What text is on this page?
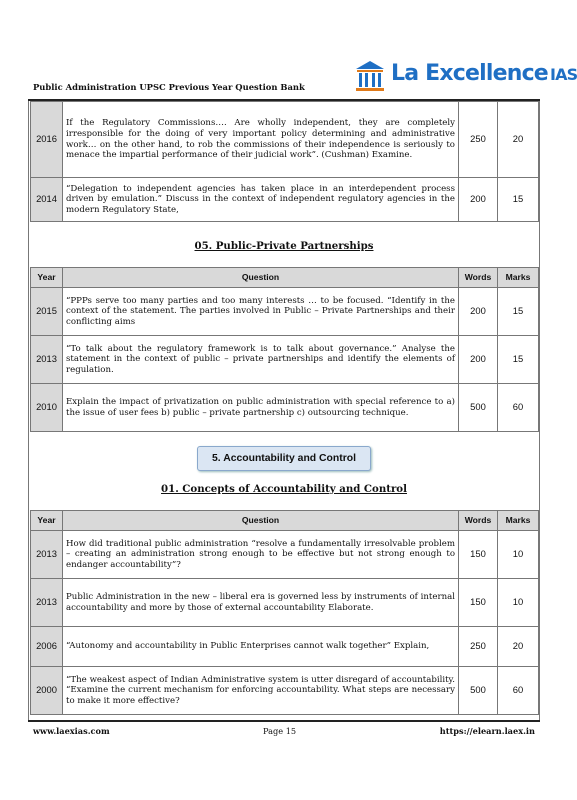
Public Administration UPSC Previous Year Question Bank
La Excellence IAS
2016	If the Regulatory Commissions…. Are wholly independent, they are completely irresponsible for the doing of very important policy determining and administrative work… on the other hand, to rob the commissions of their independence is seriously to menace the impartial performance of their judicial work”. (Cushman) Examine.	250	20
2014	“Delegation to independent agencies has taken place in an interdependent process driven by emulation.” Discuss in the context of independent regulatory agencies in the modern Regulatory State,	200	15
05. Public-Private Partnerships
Year	Question	Words	Marks
2015	“PPPs serve too many parties and too many interests … to be focused. “Identify in the context of the statement. The parties involved in Public – Private Partnerships and their conflicting aims	200	15
2013	“To talk about the regulatory framework is to talk about governance.” Analyse the statement in the context of public – private partnerships and identify the elements of regulation.	200	15
2010	Explain the impact of privatization on public administration with special reference to a) the issue of user fees b) public – private partnership c) outsourcing technique.	500	60
5. Accountability and Control
01. Concepts of Accountability and Control
Year	Question	Words	Marks
2013	How did traditional public administration “resolve a fundamentally irresolvable problem – creating an administration strong enough to be effective but not strong enough to endanger accountability”?	150	10
2013	Public Administration in the new – liberal era is governed less by instruments of internal accountability and more by those of external accountability Elaborate.	150	10
2006	“Autonomy and accountability in Public Enterprises cannot walk together” Explain,	250	20
2000	“The weakest aspect of Indian Administrative system is utter disregard of accountability. “Examine the current mechanism for enforcing accountability. What steps are necessary to make it more effective?	500	60
www.laexias.com	Page 15	https://elearn.laex.in
